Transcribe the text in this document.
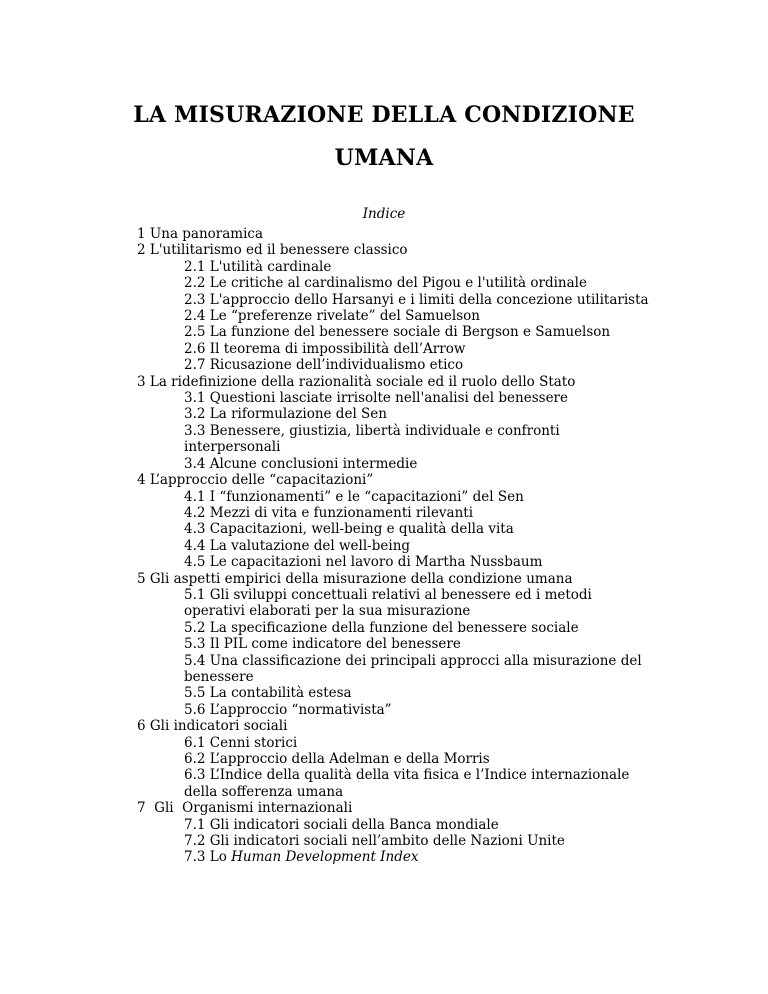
LA MISURAZIONE DELLA CONDIZIONE
UMANA
Indice
1 Una panoramica
2 L'utilitarismo ed il benessere classico
2.1 L'utilità cardinale
2.2 Le critiche al cardinalismo del Pigou e l'utilità ordinale
2.3 L'approccio dello Harsanyi e i limiti della concezione utilitarista
2.4 Le “preferenze rivelate” del Samuelson
2.5 La funzione del benessere sociale di Bergson e Samuelson
2.6 Il teorema di impossibilità dell’Arrow
2.7 Ricusazione dell’individualismo etico
3 La ridefinizione della razionalità sociale ed il ruolo dello Stato
3.1 Questioni lasciate irrisolte nell'analisi del benessere
3.2 La riformulazione del Sen
3.3 Benessere, giustizia, libertà individuale e confronti
interpersonali
3.4 Alcune conclusioni intermedie
4 L’approccio delle “capacitazioni”
4.1 I “funzionamenti” e le “capacitazioni” del Sen
4.2 Mezzi di vita e funzionamenti rilevanti
4.3 Capacitazioni, well-being e qualità della vita
4.4 La valutazione del well-being
4.5 Le capacitazioni nel lavoro di Martha Nussbaum
5 Gli aspetti empirici della misurazione della condizione umana
5.1 Gli sviluppi concettuali relativi al benessere ed i metodi
operativi elaborati per la sua misurazione
5.2 La specificazione della funzione del benessere sociale
5.3 Il PIL come indicatore del benessere
5.4 Una classificazione dei principali approcci alla misurazione del
benessere
5.5 La contabilità estesa
5.6 L’approccio “normativista”
6 Gli indicatori sociali
6.1 Cenni storici
6.2 L’approccio della Adelman e della Morris
6.3 L’Indice della qualità della vita fisica e l’Indice internazionale
della sofferenza umana
7  Gli  Organismi internazionali
7.1 Gli indicatori sociali della Banca mondiale
7.2 Gli indicatori sociali nell’ambito delle Nazioni Unite
7.3 Lo Human Development Index
